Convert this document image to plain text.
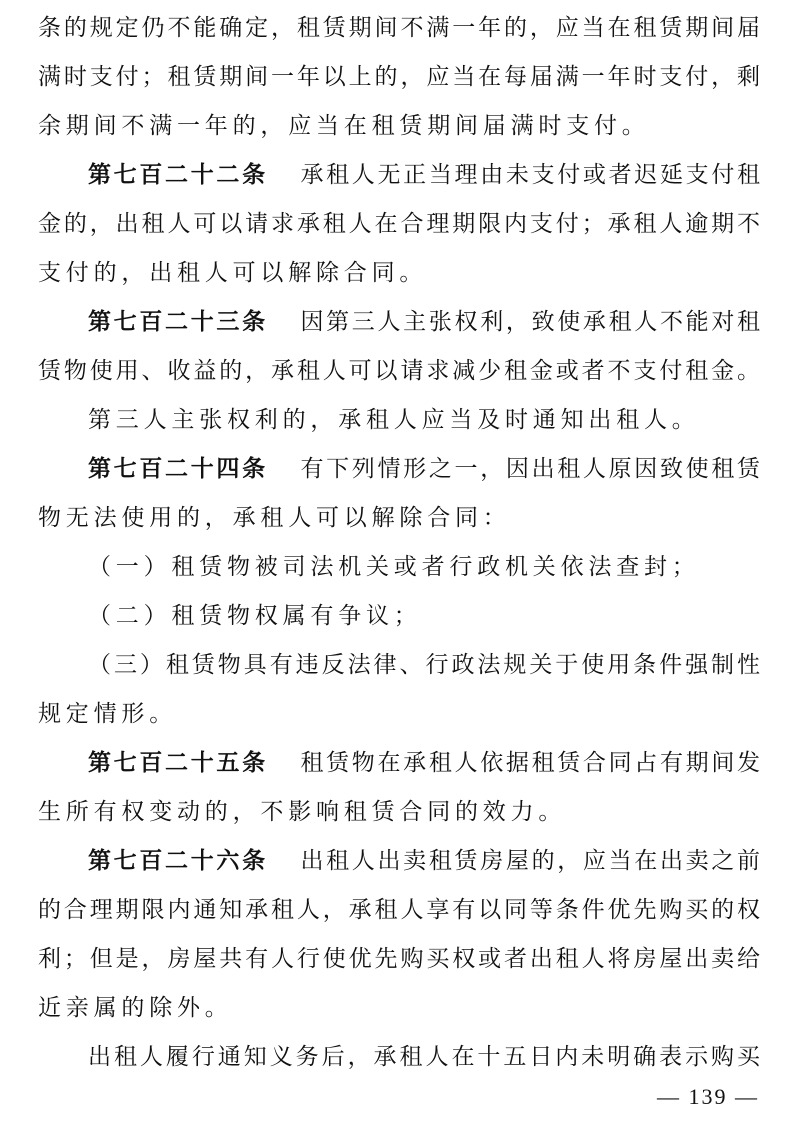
条的规定仍不能确定，租赁期间不满一年的，应当在租赁期间届
满时支付；租赁期间一年以上的，应当在每届满一年时支付，剩
余期间不满一年的，应当在租赁期间届满时支付。
第七百二十二条 承租人无正当理由未支付或者迟延支付租
金的，出租人可以请求承租人在合理期限内支付；承租人逾期不
支付的，出租人可以解除合同。
第七百二十三条 因第三人主张权利，致使承租人不能对租
赁物使用、收益的，承租人可以请求减少租金或者不支付租金。
第三人主张权利的，承租人应当及时通知出租人。
第七百二十四条 有下列情形之一，因出租人原因致使租赁
物无法使用的，承租人可以解除合同：
（一）租赁物被司法机关或者行政机关依法查封；
（二）租赁物权属有争议；
（三）租赁物具有违反法律、行政法规关于使用条件强制性
规定情形。
第七百二十五条 租赁物在承租人依据租赁合同占有期间发
生所有权变动的，不影响租赁合同的效力。
第七百二十六条 出租人出卖租赁房屋的，应当在出卖之前
的合理期限内通知承租人，承租人享有以同等条件优先购买的权
利；但是，房屋共有人行使优先购买权或者出租人将房屋出卖给
近亲属的除外。
出租人履行通知义务后，承租人在十五日内未明确表示购买
— 139 —
